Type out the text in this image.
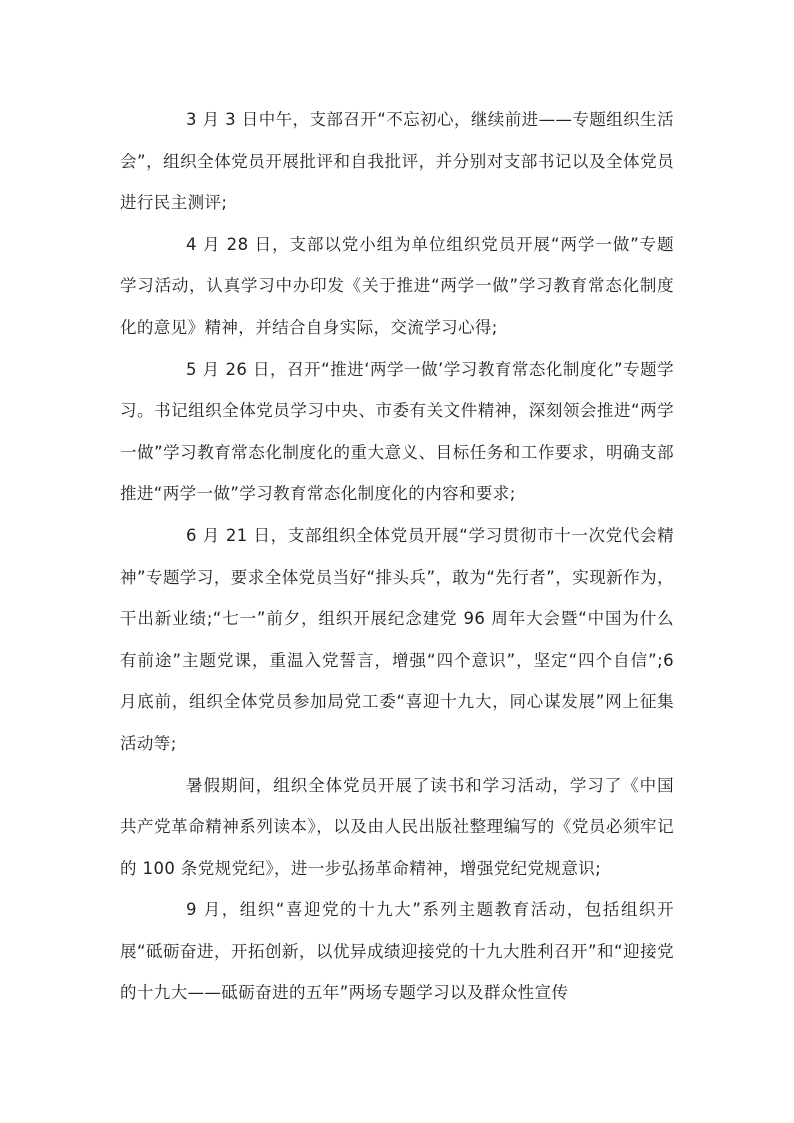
3 月 3 日中午，支部召开“不忘初心，继续前进——专题组织生活会”，组织全体党员开展批评和自我批评，并分别对支部书记以及全体党员进行民主测评;

4 月 28 日，支部以党小组为单位组织党员开展“两学一做”专题学习活动，认真学习中办印发《关于推进“两学一做”学习教育常态化制度化的意见》精神，并结合自身实际，交流学习心得;

5 月 26 日，召开“推进‘两学一做’学习教育常态化制度化”专题学习。书记组织全体党员学习中央、市委有关文件精神，深刻领会推进“两学一做”学习教育常态化制度化的重大意义、目标任务和工作要求，明确支部推进“两学一做”学习教育常态化制度化的内容和要求;

6 月 21 日，支部组织全体党员开展“学习贯彻市十一次党代会精神”专题学习，要求全体党员当好“排头兵”，敢为“先行者”，实现新作为，干出新业绩;“七一”前夕，组织开展纪念建党 96 周年大会暨“中国为什么有前途”主题党课，重温入党誓言，增强“四个意识”，坚定“四个自信”;6 月底前，组织全体党员参加局党工委“喜迎十九大，同心谋发展”网上征集活动等;

暑假期间，组织全体党员开展了读书和学习活动，学习了《中国共产党革命精神系列读本》，以及由人民出版社整理编写的《党员必须牢记的 100 条党规党纪》，进一步弘扬革命精神，增强党纪党规意识;

9 月，组织“喜迎党的十九大”系列主题教育活动，包括组织开展“砥砺奋进，开拓创新，以优异成绩迎接党的十九大胜利召开”和“迎接党的十九大——砥砺奋进的五年”两场专题学习以及群众性宣传
